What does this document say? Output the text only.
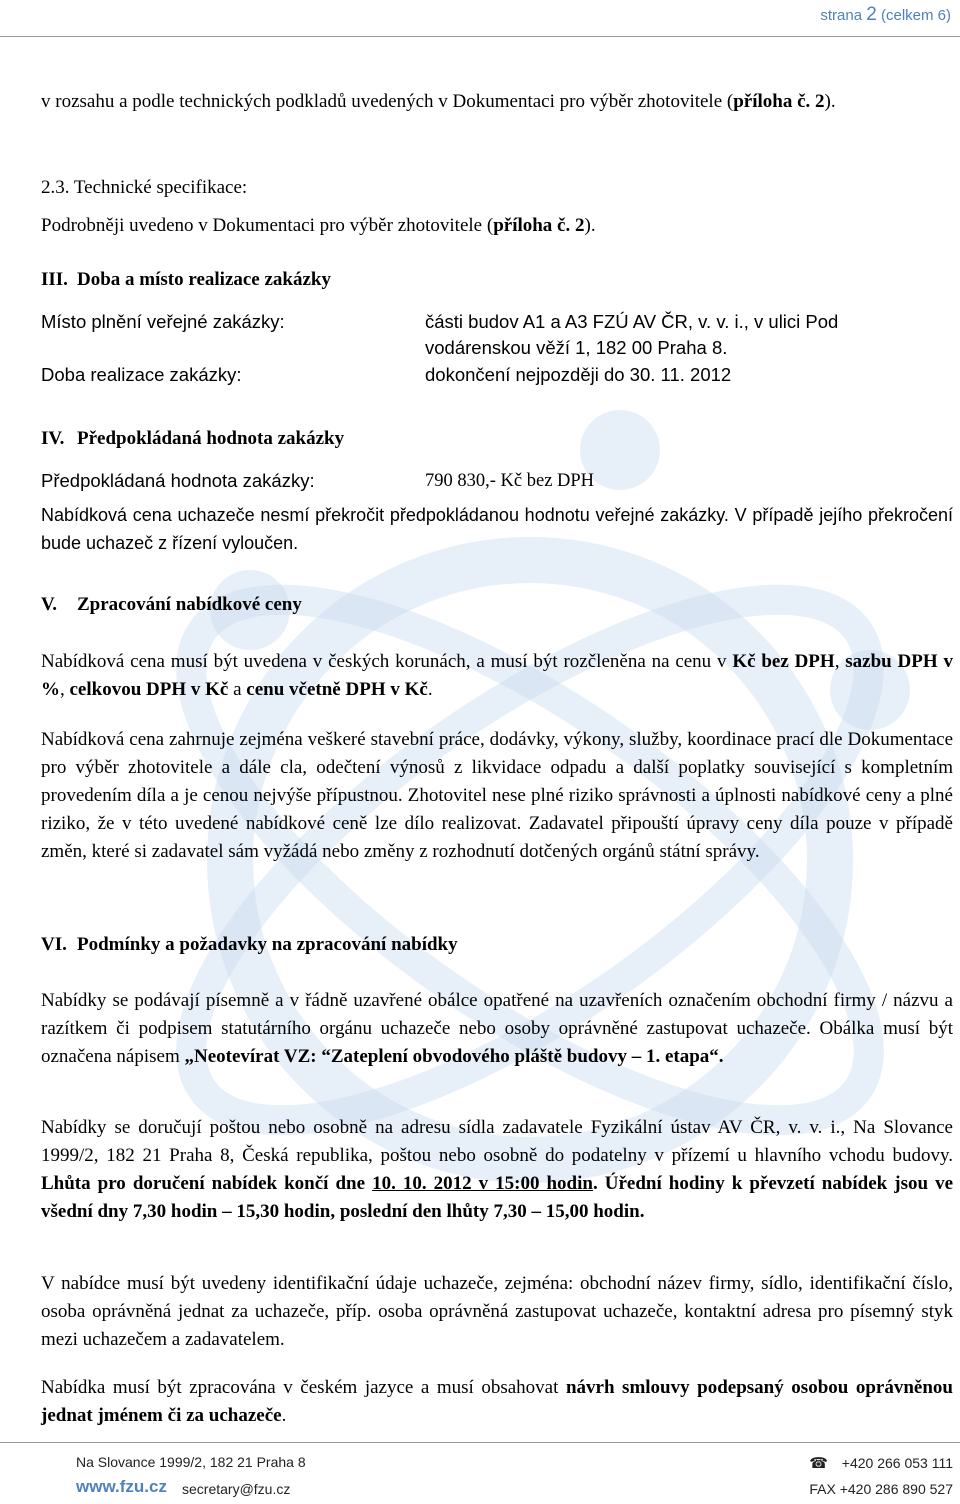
strana 2 (celkem 6)
v rozsahu a podle technických podkladů uvedených v Dokumentaci pro výběr zhotovitele (příloha č. 2).
2.3. Technické specifikace:
Podrobněji uvedeno v Dokumentaci pro výběr zhotovitele (příloha č. 2).
III. Doba a místo realizace zakázky
Místo plnění veřejné zakázky:	části budov A1 a A3 FZÚ AV ČR, v. v. i., v ulici Pod
vodárenskou věží 1, 182 00 Praha 8.
Doba realizace zakázky:	dokončení nejpozději do 30. 11. 2012
IV. Předpokládaná hodnota zakázky
Předpokládaná hodnota zakázky:	790 830,- Kč bez DPH
Nabídková cena uchazeče nesmí překročit předpokládanou hodnotu veřejné zakázky. V případě jejího překročení bude uchazeč z řízení vyloučen.
V. Zpracování nabídkové ceny
Nabídková cena musí být uvedena v českých korunách, a musí být rozčleněna na cenu v Kč bez DPH, sazbu DPH v %, celkovou DPH v Kč a cenu včetně DPH v Kč.
Nabídková cena zahrnuje zejména veškeré stavební práce, dodávky, výkony, služby, koordinace prací dle Dokumentace pro výběr zhotovitele a dále cla, odečtení výnosů z likvidace odpadu a další poplatky související s kompletním provedením díla a je cenou nejvýše přípustnou. Zhotovitel nese plné riziko správnosti a úplnosti nabídkové ceny a plné riziko, že v této uvedené nabídkové ceně lze dílo realizovat. Zadavatel připouští úpravy ceny díla pouze v případě změn, které si zadavatel sám vyžádá nebo změny z rozhodnutí dotčených orgánů státní správy.
VI. Podmínky a požadavky na zpracování nabídky
Nabídky se podávají písemně a v řádně uzavřené obálce opatřené na uzavřeních označením obchodní firmy / názvu a razítkem či podpisem statutárního orgánu uchazeče nebo osoby oprávněné zastupovat uchazeče. Obálka musí být označena nápisem „Neotevírat VZ: “Zateplení obvodového pláště budovy – 1. etapa“.
Nabídky se doručují poštou nebo osobně na adresu sídla zadavatele Fyzikální ústav AV ČR, v. v. i., Na Slovance 1999/2, 182 21 Praha 8, Česká republika, poštou nebo osobně do podatelny v přízemí u hlavního vchodu budovy. Lhůta pro doručení nabídek končí dne 10. 10. 2012 v 15:00 hodin. Úřední hodiny k převzetí nabídek jsou ve všední dny 7,30 hodin – 15,30 hodin, poslední den lhůty 7,30 – 15,00 hodin.
V nabídce musí být uvedeny identifikační údaje uchazeče, zejména: obchodní název firmy, sídlo, identifikační číslo, osoba oprávněná jednat za uchazeče, příp. osoba oprávněná zastupovat uchazeče, kontaktní adresa pro písemný styk mezi uchazečem a zadavatelem.
Nabídka musí být zpracována v českém jazyce a musí obsahovat návrh smlouvy podepsaný osobou oprávněnou jednat jménem či za uchazeče.
Na Slovance 1999/2, 182 21 Praha 8	☎ +420 266 053 111
www.fzu.cz secretary@fzu.cz	FAX +420 286 890 527
